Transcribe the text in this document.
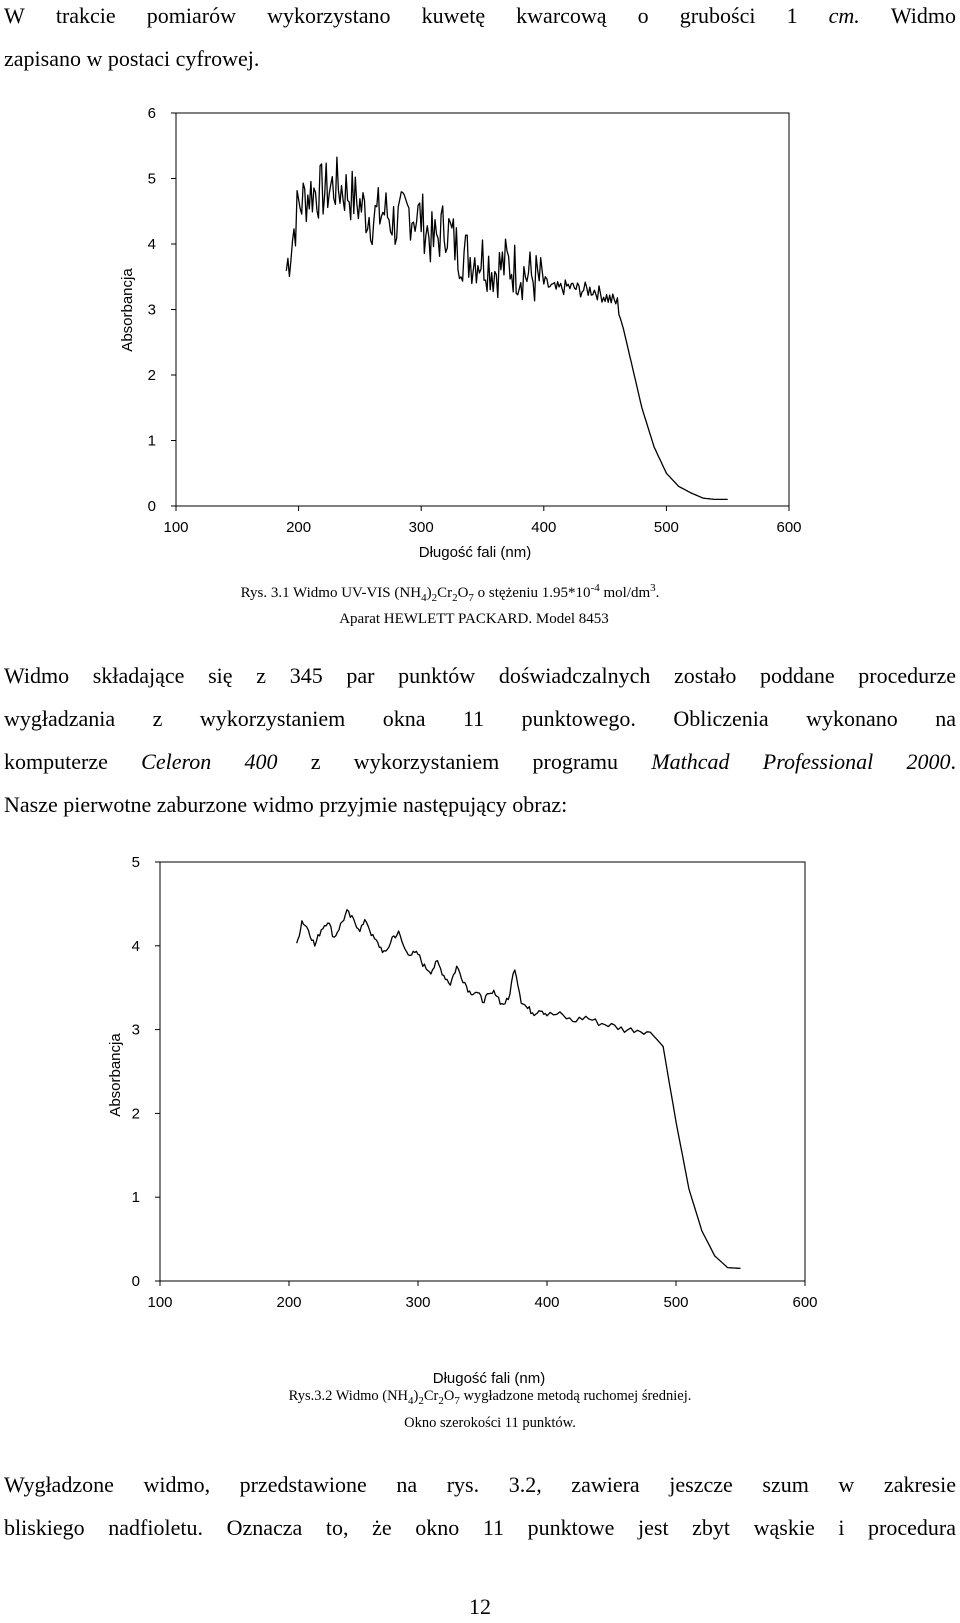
W trakcie pomiarów wykorzystano kuwetę kwarcową o grubości 1 cm. Widmo
zapisano w postaci cyfrowej.
0
1
2
3
4
5
6
100	200	300	400	500	600
Absorbancja
Długość fali (nm)
Rys. 3.1 Widmo UV-VIS $(NH_4)_2Cr_2O_7$ o stężeniu $1.95*10^{-4}$ mol/$dm^3$.
Aparat HEWLETT PACKARD. Model 8453
Widmo składające się z 345 par punktów doświadczalnych zostało poddane procedurze
wygładzania z wykorzystaniem okna 11 punktowego. Obliczenia wykonano na
komputerze Celeron 400 z wykorzystaniem programu Mathcad Professional 2000.
Nasze pierwotne zaburzone widmo przyjmie następujący obraz:
0
1
2
3
4
5
100	200	300	400	500	600
Absorbancja
Długość fali (nm)
Rys.3.2 Widmo $(NH_4)_2Cr_2O_7$ wygładzone metodą ruchomej średniej.
Okno szerokości 11 punktów.
Wygładzone widmo, przedstawione na rys. 3.2, zawiera jeszcze szum w zakresie
bliskiego nadfioletu. Oznacza to, że okno 11 punktowe jest zbyt wąskie i procedura
12
